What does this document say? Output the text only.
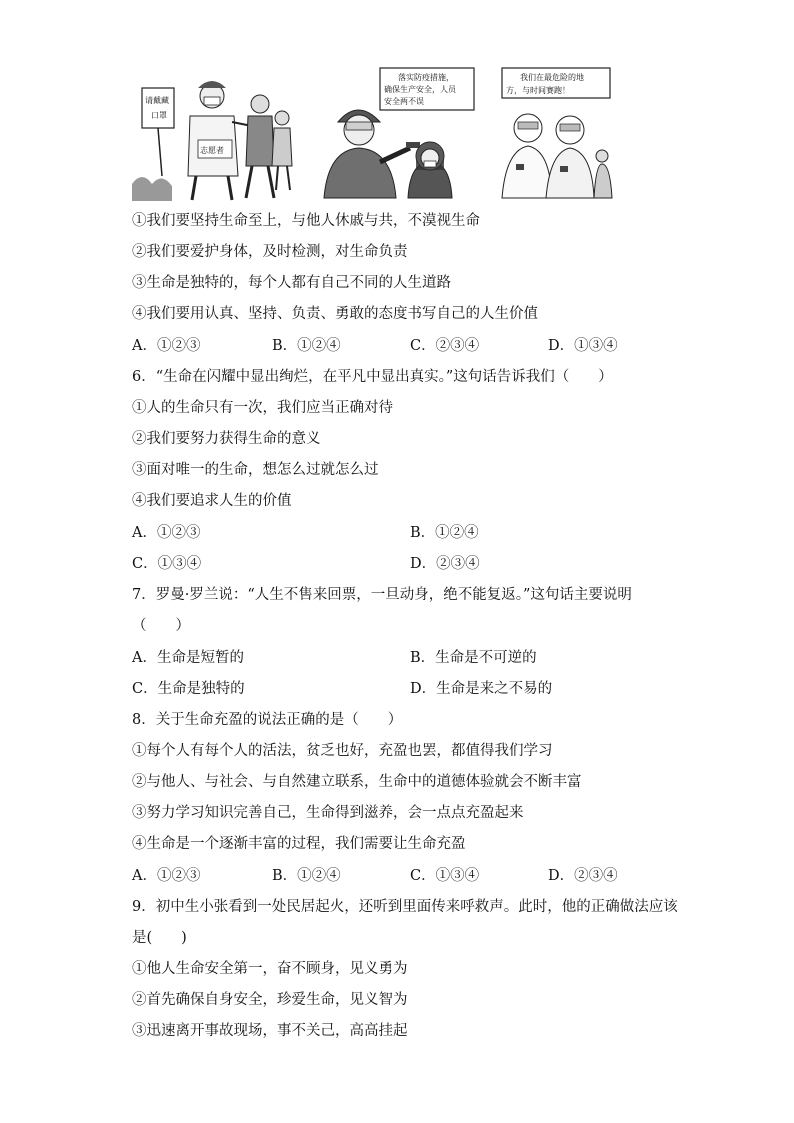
请戴藏
口罩
志愿者
落实防疫措施，
确保生产安全，人员
安全两不误
我们在最危险的地
方，与时间赛跑！
①我们要坚持生命至上，与他人休戚与共，不漠视生命
②我们要爱护身体，及时检测，对生命负责
③生命是独特的，每个人都有自己不同的人生道路
④我们要用认真、坚持、负责、勇敢的态度书写自己的人生价值
A．①②③	B．①②④	C．②③④	D．①③④
6．“生命在闪耀中显出绚烂，在平凡中显出真实。”这句话告诉我们（　　）
①人的生命只有一次，我们应当正确对待
②我们要努力获得生命的意义
③面对唯一的生命，想怎么过就怎么过
④我们要追求人生的价值
A．①②③	B．①②④
C．①③④	D．②③④
7．罗曼·罗兰说：“人生不售来回票，一旦动身，绝不能复返。”这句话主要说明
（　　）
A．生命是短暂的	B．生命是不可逆的
C．生命是独特的	D．生命是来之不易的
8．关于生命充盈的说法正确的是（　　）
①每个人有每个人的活法，贫乏也好，充盈也罢，都值得我们学习
②与他人、与社会、与自然建立联系，生命中的道德体验就会不断丰富
③努力学习知识完善自己，生命得到滋养，会一点点充盈起来
④生命是一个逐渐丰富的过程，我们需要让生命充盈
A．①②③	B．①②④	C．①③④	D．②③④
9．初中生小张看到一处民居起火，还听到里面传来呼救声。此时，他的正确做法应该
是(　　)
①他人生命安全第一，奋不顾身，见义勇为
②首先确保自身安全，珍爱生命，见义智为
③迅速离开事故现场，事不关己，高高挂起
